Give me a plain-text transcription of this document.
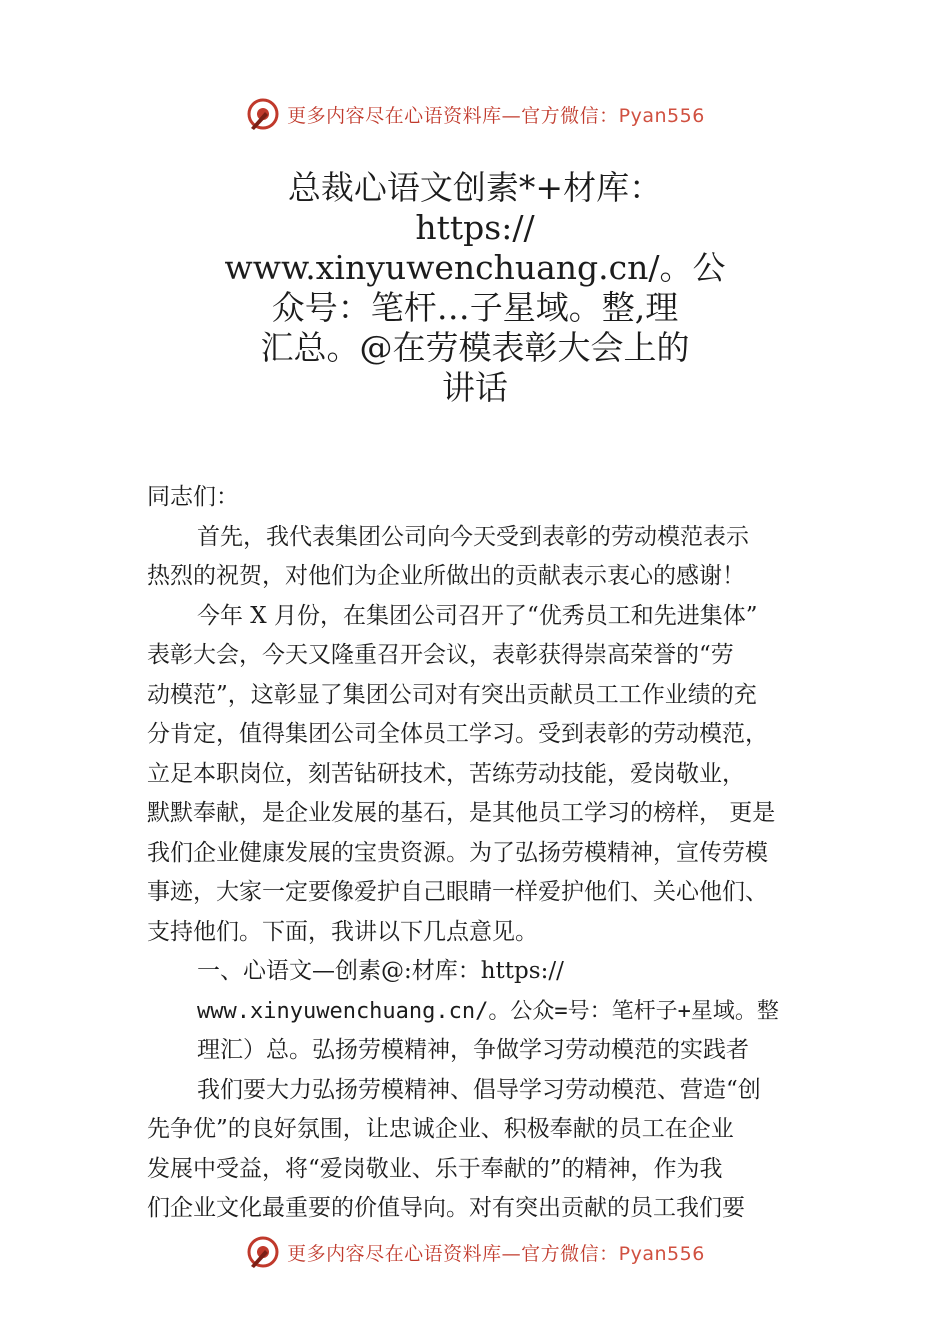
更多内容尽在心语资料库—官方微信：Pyan556
总裁心语文创素*+材库：
https://
www.xinyuwenchuang.cn/。公
众号：笔杆…子星域。整,理
汇总。@在劳模表彰大会上的
讲话
同志们：
首先，我代表集团公司向今天受到表彰的劳动模范表示
热烈的祝贺，对他们为企业所做出的贡献表示衷心的感谢！
今年 X 月份，在集团公司召开了“优秀员工和先进集体”
表彰大会，今天又隆重召开会议，表彰获得崇高荣誉的“劳
动模范”，这彰显了集团公司对有突出贡献员工工作业绩的充
分肯定，值得集团公司全体员工学习。受到表彰的劳动模范，
立足本职岗位，刻苦钻研技术，苦练劳动技能，爱岗敬业，
默默奉献，是企业发展的基石，是其他员工学习的榜样， 更是
我们企业健康发展的宝贵资源。为了弘扬劳模精神，宣传劳模
事迹，大家一定要像爱护自己眼睛一样爱护他们、关心他们、
支持他们。下面，我讲以下几点意见。
一、心语文—创素@:材库：https://
www.xinyuwenchuang.cn/。公众=号：笔杆子+星域。整
理汇）总。弘扬劳模精神，争做学习劳动模范的实践者
我们要大力弘扬劳模精神、倡导学习劳动模范、营造“创
先争优”的良好氛围，让忠诚企业、积极奉献的员工在企业
发展中受益，将“爱岗敬业、乐于奉献的”的精神，作为我
们企业文化最重要的价值导向。对有突出贡献的员工我们要
更多内容尽在心语资料库—官方微信：Pyan556
